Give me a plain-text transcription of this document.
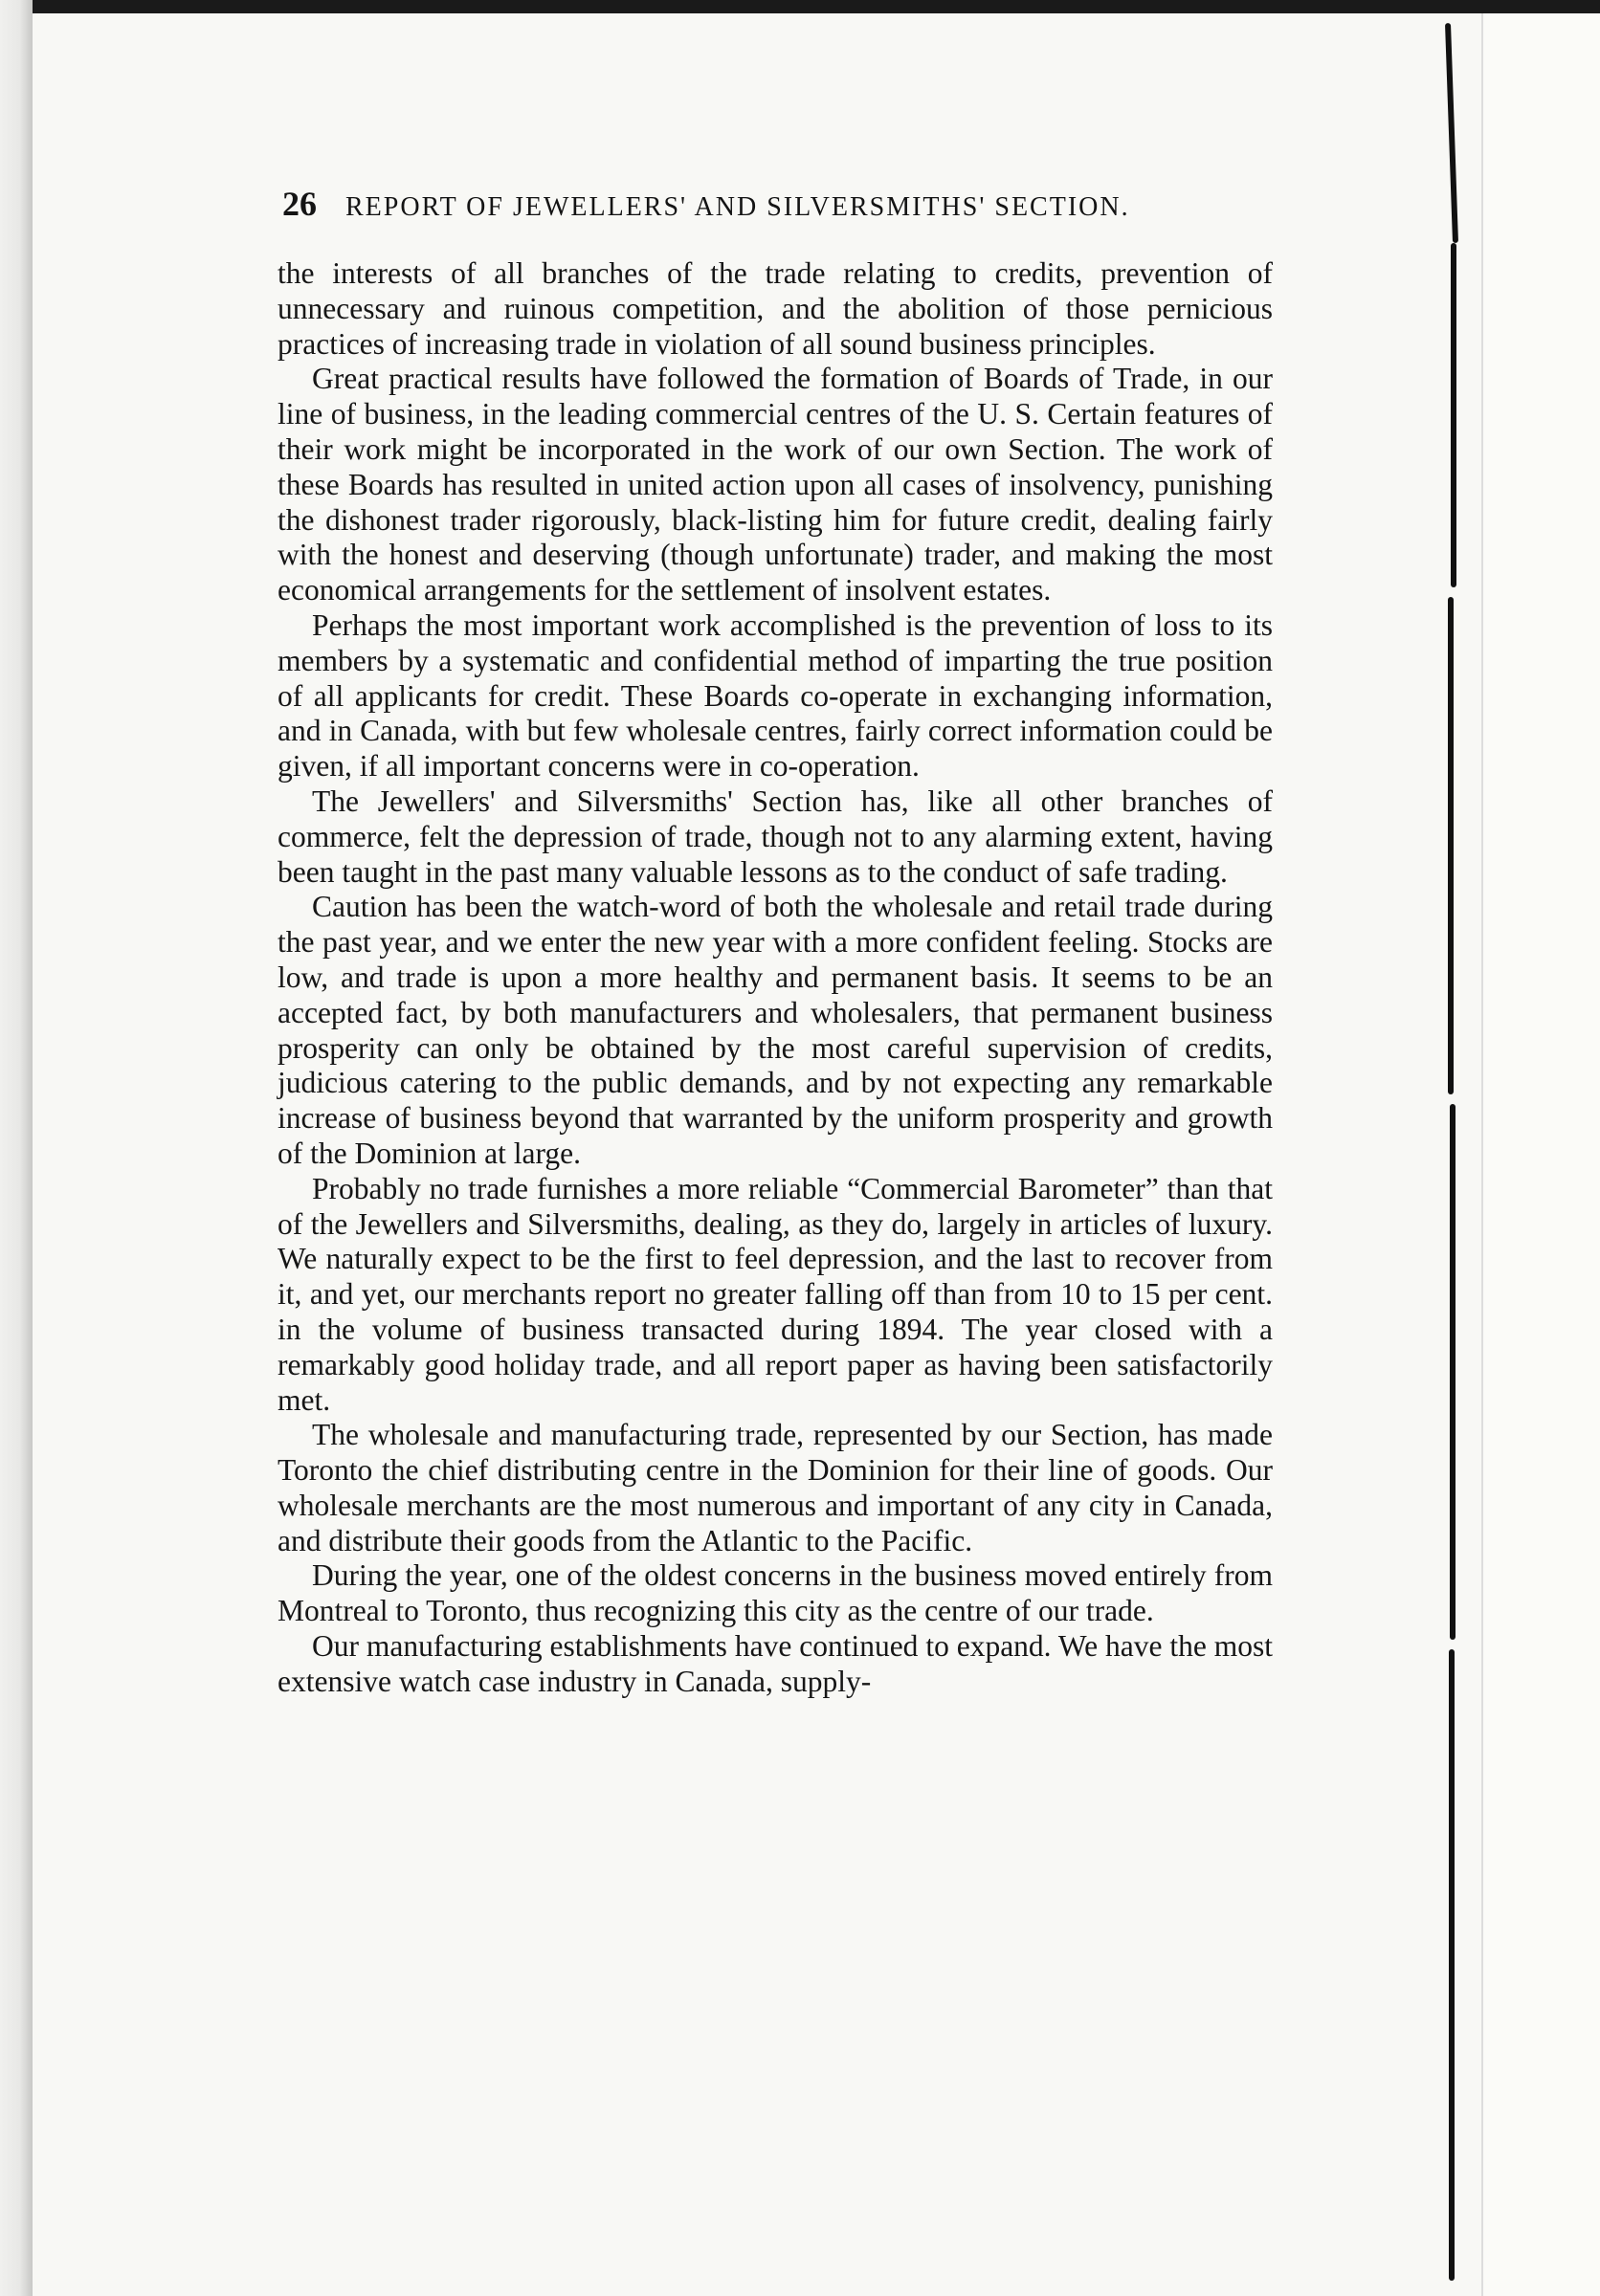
26 REPORT OF JEWELLERS' AND SILVERSMITHS' SECTION.

the interests of all branches of the trade relating to credits, prevention of unnecessary and ruinous competition, and the abolition of those pernicious practices of increasing trade in violation of all sound business principles.

Great practical results have followed the formation of Boards of Trade, in our line of business, in the leading commercial centres of the U. S. Certain features of their work might be incorporated in the work of our own Section. The work of these Boards has resulted in united action upon all cases of insolvency, punishing the dishonest trader rigorously, black-listing him for future credit, dealing fairly with the honest and deserving (though unfortunate) trader, and making the most economical arrangements for the settlement of insolvent estates.

Perhaps the most important work accomplished is the prevention of loss to its members by a systematic and confidential method of imparting the true position of all applicants for credit. These Boards co-operate in exchanging information, and in Canada, with but few wholesale centres, fairly correct information could be given, if all important concerns were in co-operation.

The Jewellers' and Silversmiths' Section has, like all other branches of commerce, felt the depression of trade, though not to any alarming extent, having been taught in the past many valuable lessons as to the conduct of safe trading.

Caution has been the watch-word of both the wholesale and retail trade during the past year, and we enter the new year with a more confident feeling. Stocks are low, and trade is upon a more healthy and permanent basis. It seems to be an accepted fact, by both manufacturers and wholesalers, that permanent business prosperity can only be obtained by the most careful supervision of credits, judicious catering to the public demands, and by not expecting any remarkable increase of business beyond that warranted by the uniform prosperity and growth of the Dominion at large.

Probably no trade furnishes a more reliable “Commercial Barometer” than that of the Jewellers and Silversmiths, dealing, as they do, largely in articles of luxury. We naturally expect to be the first to feel depression, and the last to recover from it, and yet, our merchants report no greater falling off than from 10 to 15 per cent. in the volume of business transacted during 1894. The year closed with a remarkably good holiday trade, and all report paper as having been satisfactorily met.

The wholesale and manufacturing trade, represented by our Section, has made Toronto the chief distributing centre in the Dominion for their line of goods. Our wholesale merchants are the most numerous and important of any city in Canada, and distribute their goods from the Atlantic to the Pacific.

During the year, one of the oldest concerns in the business moved entirely from Montreal to Toronto, thus recognizing this city as the centre of our trade.

Our manufacturing establishments have continued to expand. We have the most extensive watch case industry in Canada, supply-
